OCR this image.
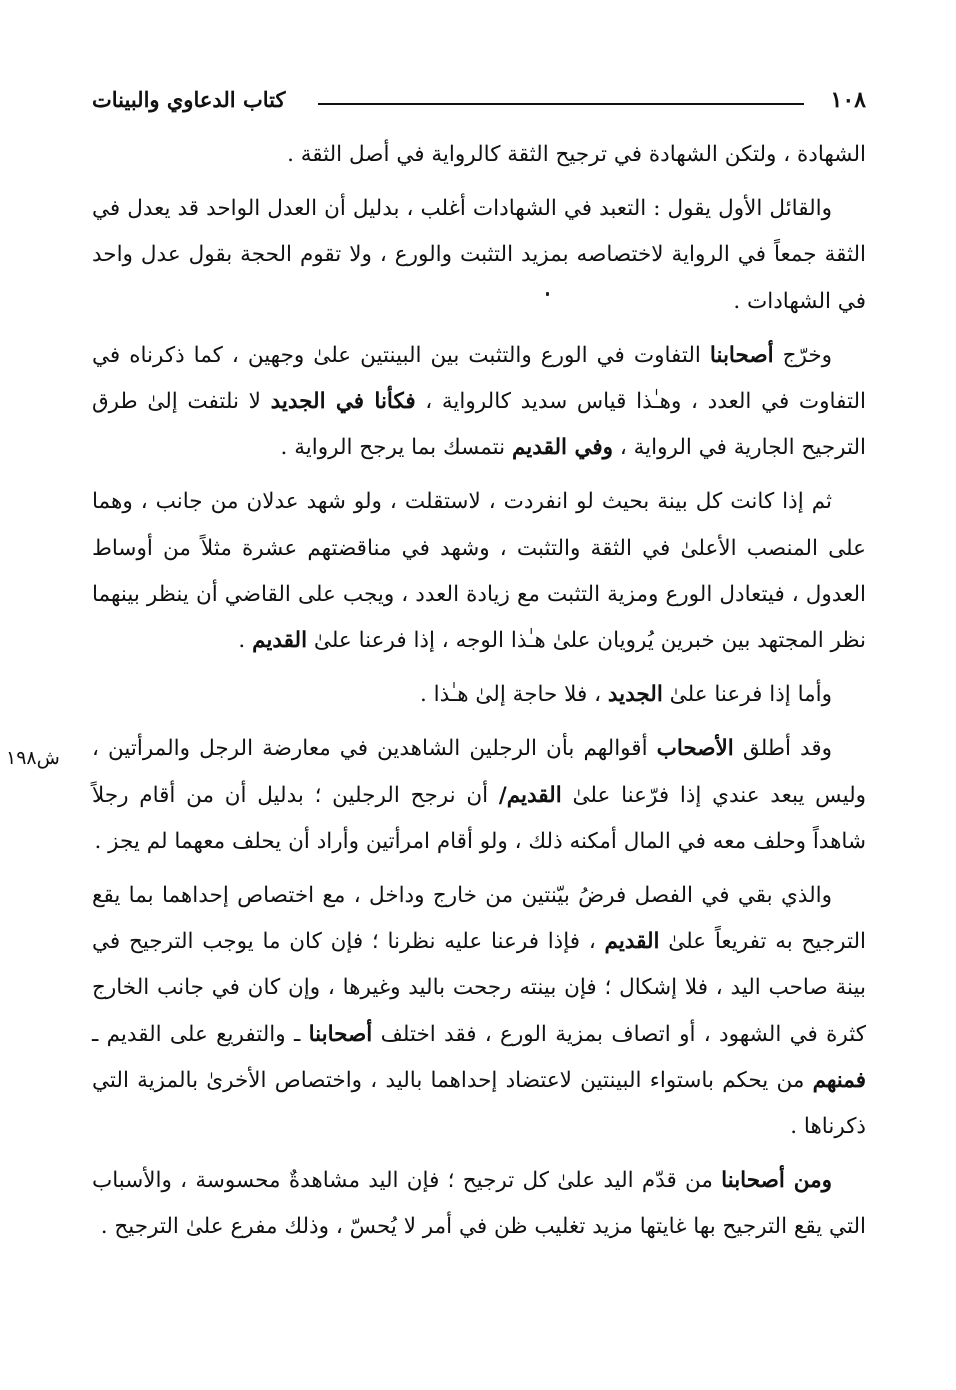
١٠٨
كتاب الدعاوي والبينات
ش١٩٨

الشهادة ، ولتكن الشهادة في ترجيح الثقة كالرواية في أصل الثقة .

والقائل الأول يقول : التعبد في الشهادات أغلب ، بدليل أن العدل الواحد قد يعدل في الثقة جمعاً في الرواية لاختصاصه بمزيد التثبت والورع ، ولا تقوم الحجة بقول عدل واحد في الشهادات .

وخرّج أصحابنا التفاوت في الورع والتثبت بين البينتين علىٰ وجهين ، كما ذكرناه في التفاوت في العدد ، وهـٰذا قياس سديد كالرواية ، فكأنا في الجديد لا نلتفت إلىٰ طرق الترجيح الجارية في الرواية ، وفي القديم نتمسك بما يرجح الرواية .

ثم إذا كانت كل بينة بحيث لو انفردت ، لاستقلت ، ولو شهد عدلان من جانب ، وهما على المنصب الأعلىٰ في الثقة والتثبت ، وشهد في مناقضتهم عشرة مثلاً من أوساط العدول ، فيتعادل الورع ومزية التثبت مع زيادة العدد ، ويجب على القاضي أن ينظر بينهما نظر المجتهد بين خبرين يُرويان علىٰ هـٰذا الوجه ، إذا فرعنا علىٰ القديم .

وأما إذا فرعنا علىٰ الجديد ، فلا حاجة إلىٰ هـٰذا .

وقد أطلق الأصحاب أقوالهم بأن الرجلين الشاهدين في معارضة الرجل والمرأتين ، وليس يبعد عندي إذا فرّعنا علىٰ القديم/ أن نرجح الرجلين ؛ بدليل أن من أقام رجلاً شاهداً وحلف معه في المال أمكنه ذلك ، ولو أقام امرأتين وأراد أن يحلف معهما لم يجز .

والذي بقي في الفصل فرضُ بيّنتين من خارج وداخل ، مع اختصاص إحداهما بما يقع الترجيح به تفريعاً علىٰ القديم ، فإذا فرعنا عليه نظرنا ؛ فإن كان ما يوجب الترجيح في بينة صاحب اليد ، فلا إشكال ؛ فإن بينته رجحت باليد وغيرها ، وإن كان في جانب الخارج كثرة في الشهود ، أو اتصاف بمزية الورع ، فقد اختلف أصحابنا ـ والتفريع على القديم ـ فمنهم من يحكم باستواء البينتين لاعتضاد إحداهما باليد ، واختصاص الأخرىٰ بالمزية التي ذكرناها .

ومن أصحابنا من قدّم اليد علىٰ كل ترجيح ؛ فإن اليد مشاهدةٌ محسوسة ، والأسباب التي يقع الترجيح بها غايتها مزيد تغليب ظن في أمر لا يُحسّ ، وذلك مفرع علىٰ الترجيح .
